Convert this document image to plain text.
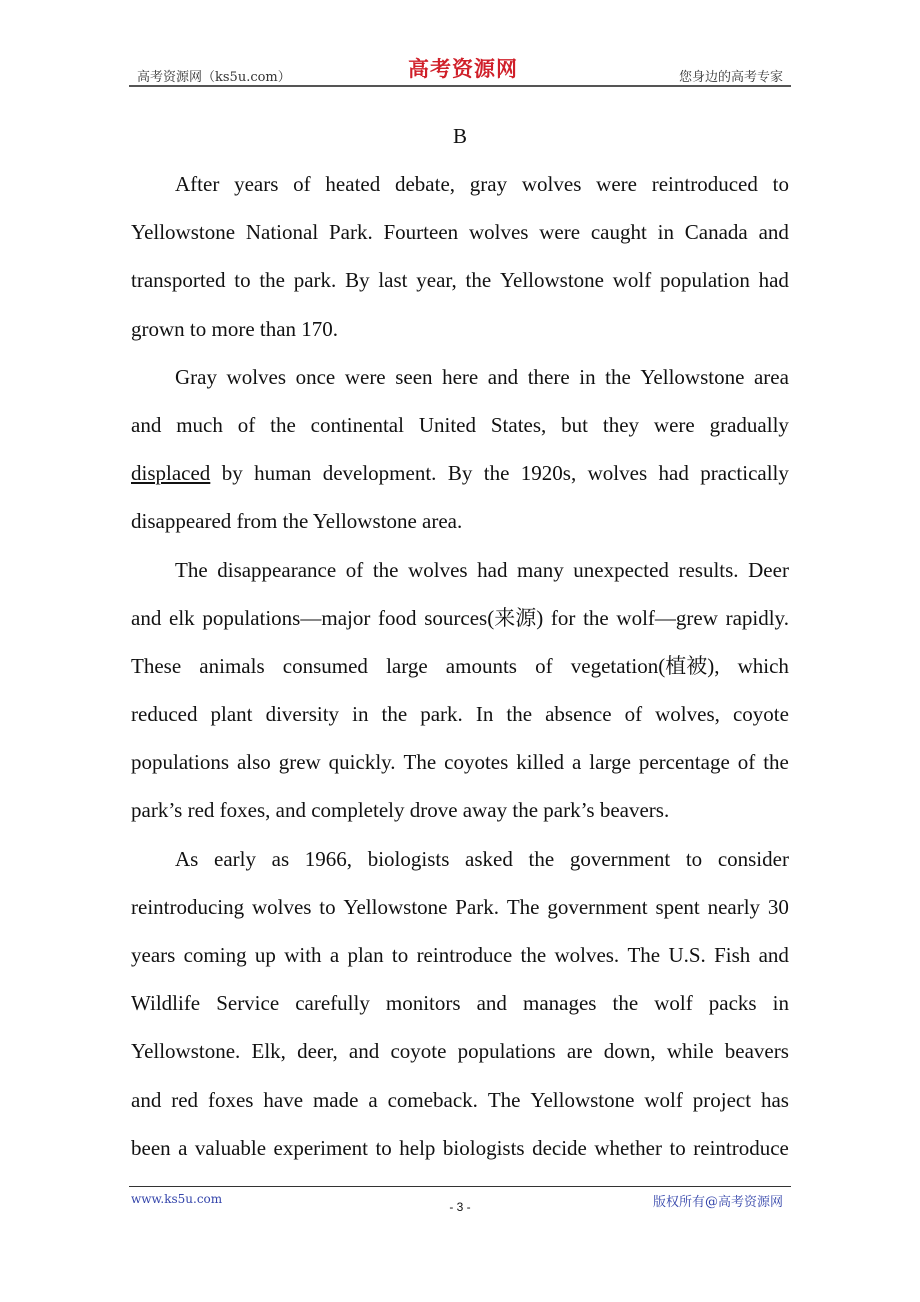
高考资源网（ks5u.com）	高考资源网	您身边的高考专家
B
After years of heated debate, gray wolves were reintroduced to
Yellowstone National Park. Fourteen wolves were caught in Canada and
transported to the park. By last year, the Yellowstone wolf population had
grown to more than 170.
Gray wolves once were seen here and there in the Yellowstone area
and much of the continental United States, but they were gradually
displaced by human development. By the 1920s, wolves had practically
disappeared from the Yellowstone area.
The disappearance of the wolves had many unexpected results. Deer
and elk populations—major food sources(来源) for the wolf—grew rapidly.
These animals consumed large amounts of vegetation(植被), which
reduced plant diversity in the park. In the absence of wolves, coyote
populations also grew quickly. The coyotes killed a large percentage of the
park’s red foxes, and completely drove away the park’s beavers.
As early as 1966, biologists asked the government to consider
reintroducing wolves to Yellowstone Park. The government spent nearly 30
years coming up with a plan to reintroduce the wolves. The U.S. Fish and
Wildlife Service carefully monitors and manages the wolf packs in
Yellowstone. Elk, deer, and coyote populations are down, while beavers
and red foxes have made a comeback. The Yellowstone wolf project has
been a valuable experiment to help biologists decide whether to reintroduce
www.ks5u.com
- 3 -	版权所有@高考资源网
